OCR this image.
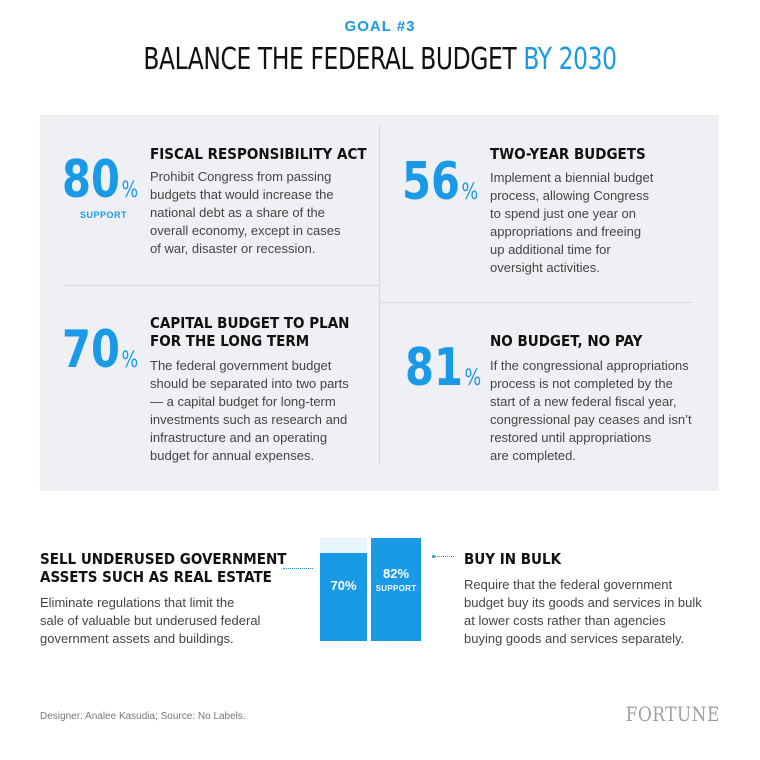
GOAL #3
BALANCE THE FEDERAL BUDGET BY 2030
80%
SUPPORT
FISCAL RESPONSIBILITY ACT
Prohibit Congress from passing
budgets that would increase the
national debt as a share of the
overall economy, except in cases
of war, disaster or recession.
56%
TWO-YEAR BUDGETS
Implement a biennial budget
process, allowing Congress
to spend just one year on
appropriations and freeing
up additional time for
oversight activities.
70%
CAPITAL BUDGET TO PLAN
FOR THE LONG TERM
The federal government budget
should be separated into two parts
— a capital budget for long-term
investments such as research and
infrastructure and an operating
budget for annual expenses.
81%
NO BUDGET, NO PAY
If the congressional appropriations
process is not completed by the
start of a new federal fiscal year,
congressional pay ceases and isn’t
restored until appropriations
are completed.
SELL UNDERUSED GOVERNMENT
ASSETS SUCH AS REAL ESTATE
Eliminate regulations that limit the
sale of valuable but underused federal
government assets and buildings.
70%
82%
SUPPORT
BUY IN BULK
Require that the federal government
budget buy its goods and services in bulk
at lower costs rather than agencies
buying goods and services separately.
Designer: Analee Kasudia; Source: No Labels.	FORTUNE
